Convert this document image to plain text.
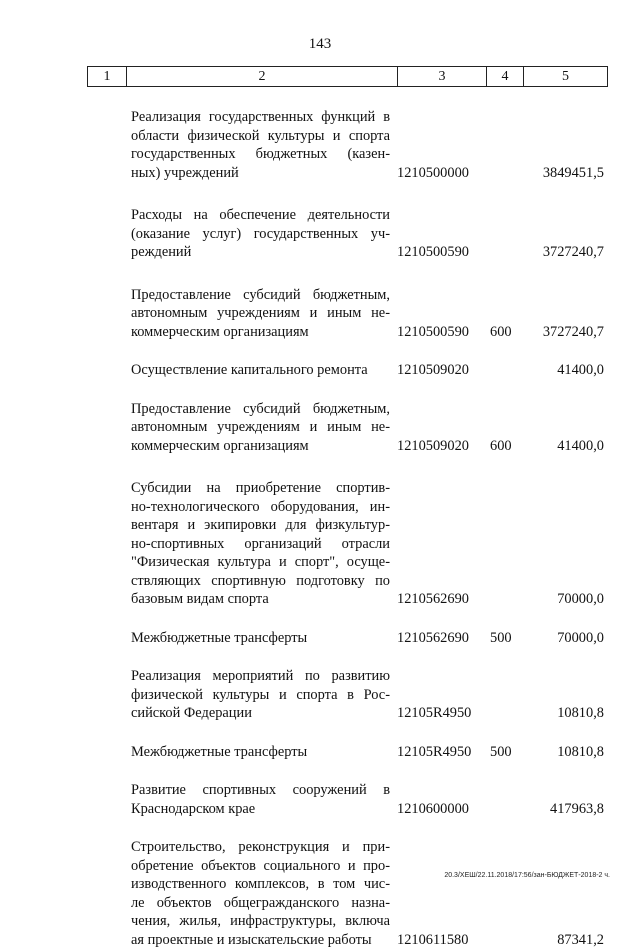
143
1	2	3	4	5
Реализация государственных функций в
области физической культуры и спорта
государственных бюджетных (казен-
ных) учреждений	1210500000	3849451,5
Расходы на обеспечение деятельности
(оказание услуг) государственных уч-
реждений	1210500590	3727240,7
Предоставление субсидий бюджетным,
автономным учреждениям и иным не-
коммерческим организациям	1210500590 600 3727240,7
Осуществление капитального ремонта	1210509020	41400,0
Предоставление субсидий бюджетным,
автономным учреждениям и иным не-
коммерческим организациям	1210509020 600	41400,0
Субсидии на приобретение спортив-
но-технологического оборудования, ин-
вентаря и экипировки для физкультур-
но-спортивных организаций отрасли
"Физическая культура и спорт", осуще-
ствляющих спортивную подготовку по
базовым видам спорта	1210562690	70000,0
Межбюджетные трансферты	1210562690 500	70000,0
Реализация мероприятий по развитию
физической культуры и спорта в Рос-
сийской Федерации	12105R4950	10810,8
Межбюджетные трансферты	12105R4950 500	10810,8
Развитие спортивных сооружений в
Краснодарском крае	1210600000	417963,8
Строительство, реконструкция и при-
обретение объектов социального и про-
изводственного комплексов, в том чис-
ле объектов общегражданского назна-
чения, жилья, инфраструктуры, включа
ая проектные и изыскательские работы	1210611580	87341,2
20.3/ХЕШ/22.11.2018/17:56/зан-БЮДЖЕТ-2018-2 ч.
